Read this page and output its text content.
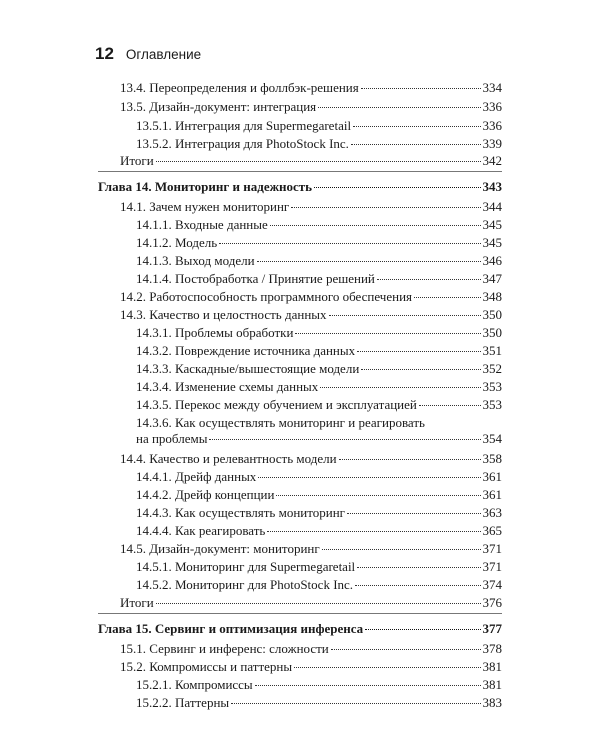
12 Оглавление
13.4. Переопределения и фоллбэк-решения	334
13.5. Дизайн-документ: интеграция	336
13.5.1. Интеграция для Supermegaretail	336
13.5.2. Интеграция для PhotoStock Inc.	339
Итоги	342
Глава 14. Мониторинг и надежность	343
14.1. Зачем нужен мониторинг	344
14.1.1. Входные данные	345
14.1.2. Модель	345
14.1.3. Выход модели	346
14.1.4. Постобработка / Принятие решений	347
14.2. Работоспособность программного обеспечения	348
14.3. Качество и целостность данных	350
14.3.1. Проблемы обработки	350
14.3.2. Повреждение источника данных	351
14.3.3. Каскадные/вышестоящие модели	352
14.3.4. Изменение схемы данных	353
14.3.5. Перекос между обучением и эксплуатацией	353
14.3.6. Как осуществлять мониторинг и реагировать
на проблемы	354
14.4. Качество и релевантность модели	358
14.4.1. Дрейф данных	361
14.4.2. Дрейф концепции	361
14.4.3. Как осуществлять мониторинг	363
14.4.4. Как реагировать	365
14.5. Дизайн-документ: мониторинг	371
14.5.1. Мониторинг для Supermegaretail	371
14.5.2. Мониторинг для PhotoStock Inc.	374
Итоги	376
Глава 15. Сервинг и оптимизация инференса	377
15.1. Сервинг и инференс: сложности	378
15.2. Компромиссы и паттерны	381
15.2.1. Компромиссы	381
15.2.2. Паттерны	383
